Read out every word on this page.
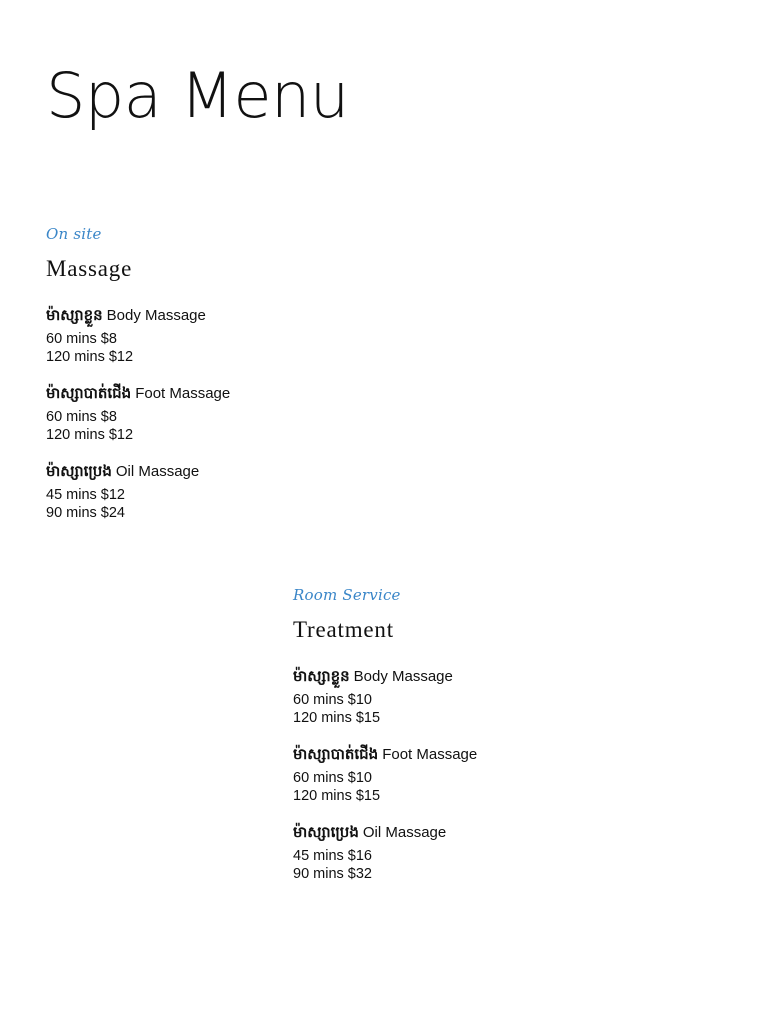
Spa Menu
On site
Massage
ម៉ាស្សាខ្លួន Body Massage
60 mins $8
120 mins $12
ម៉ាស្សាបាត់ជើង Foot Massage
60 mins $8
120 mins $12
ម៉ាស្សាប្រេង Oil Massage
45 mins $12
90 mins $24
Room Service
Treatment
ម៉ាស្សាខ្លួន Body Massage
60 mins $10
120 mins $15
ម៉ាស្សាបាត់ជើង Foot Massage
60 mins $10
120 mins $15
ម៉ាស្សាប្រេង Oil Massage
45 mins $16
90 mins $32
